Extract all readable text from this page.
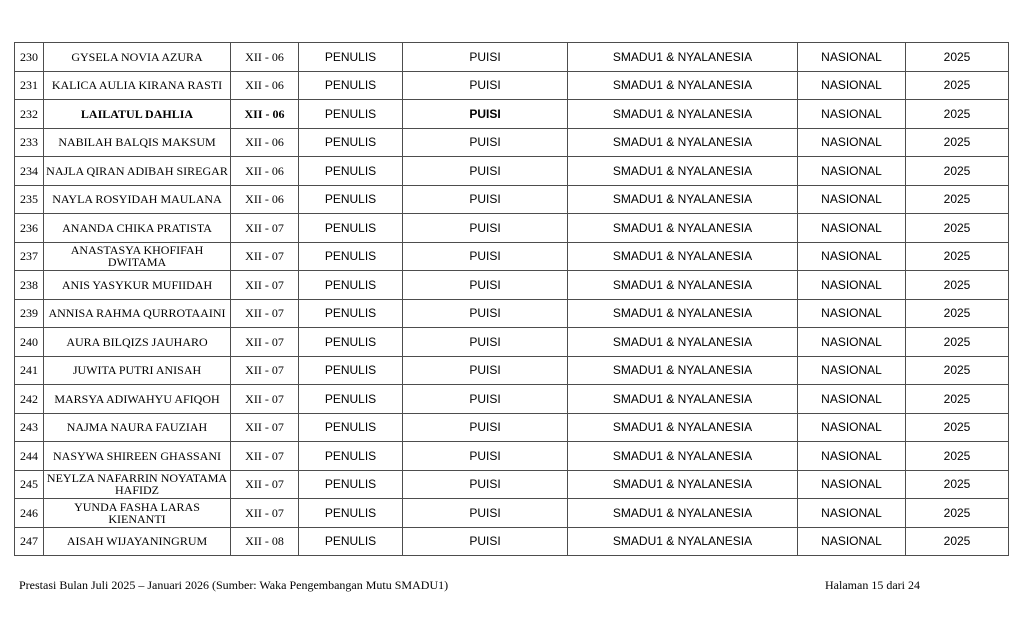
230	GYSELA NOVIA AZURA	XII - 06	PENULIS	PUISI	SMADU1 & NYALANESIA	NASIONAL	2025
231	KALICA AULIA KIRANA RASTI	XII - 06	PENULIS	PUISI	SMADU1 & NYALANESIA	NASIONAL	2025
232	LAILATUL DAHLIA	XII - 06	PENULIS	PUISI	SMADU1 & NYALANESIA	NASIONAL	2025
233	NABILAH BALQIS MAKSUM	XII - 06	PENULIS	PUISI	SMADU1 & NYALANESIA	NASIONAL	2025
234	NAJLA QIRAN ADIBAH SIREGAR	XII - 06	PENULIS	PUISI	SMADU1 & NYALANESIA	NASIONAL	2025
235	NAYLA ROSYIDAH MAULANA	XII - 06	PENULIS	PUISI	SMADU1 & NYALANESIA	NASIONAL	2025
236	ANANDA CHIKA PRATISTA	XII - 07	PENULIS	PUISI	SMADU1 & NYALANESIA	NASIONAL	2025
237	ANASTASYA KHOFIFAH DWITAMA	XII - 07	PENULIS	PUISI	SMADU1 & NYALANESIA	NASIONAL	2025
238	ANIS YASYKUR MUFIIDAH	XII - 07	PENULIS	PUISI	SMADU1 & NYALANESIA	NASIONAL	2025
239	ANNISA RAHMA QURROTAAINI	XII - 07	PENULIS	PUISI	SMADU1 & NYALANESIA	NASIONAL	2025
240	AURA BILQIZS JAUHARO	XII - 07	PENULIS	PUISI	SMADU1 & NYALANESIA	NASIONAL	2025
241	JUWITA PUTRI ANISAH	XII - 07	PENULIS	PUISI	SMADU1 & NYALANESIA	NASIONAL	2025
242	MARSYA ADIWAHYU AFIQOH	XII - 07	PENULIS	PUISI	SMADU1 & NYALANESIA	NASIONAL	2025
243	NAJMA NAURA FAUZIAH	XII - 07	PENULIS	PUISI	SMADU1 & NYALANESIA	NASIONAL	2025
244	NASYWA SHIREEN GHASSANI	XII - 07	PENULIS	PUISI	SMADU1 & NYALANESIA	NASIONAL	2025
245	NEYLZA NAFARRIN NOYATAMA HAFIDZ	XII - 07	PENULIS	PUISI	SMADU1 & NYALANESIA	NASIONAL	2025
246	YUNDA FASHA LARAS KIENANTI	XII - 07	PENULIS	PUISI	SMADU1 & NYALANESIA	NASIONAL	2025
247	AISAH WIJAYANINGRUM	XII - 08	PENULIS	PUISI	SMADU1 & NYALANESIA	NASIONAL	2025
Prestasi Bulan Juli 2025 – Januari 2026 (Sumber: Waka Pengembangan Mutu SMADU1)	Halaman 15 dari 24
